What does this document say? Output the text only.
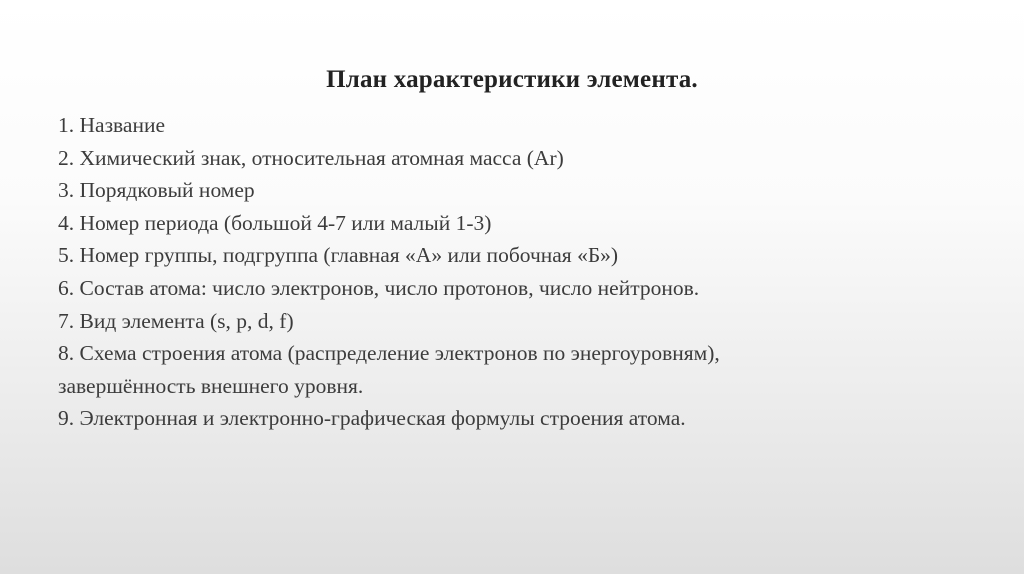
План характеристики элемента.
1. Название
2. Химический знак, относительная атомная масса (Ar)
3. Порядковый номер
4. Номер периода (большой 4-7 или малый 1-3)
5. Номер группы, подгруппа (главная «А» или побочная «Б»)
6. Состав атома: число электронов, число протонов, число нейтронов.
7. Вид элемента (s, p, d, f)
8. Схема строения атома (распределение электронов по энергоуровням),
завершённость внешнего уровня.
9. Электронная и электронно-графическая формулы строения атома.
